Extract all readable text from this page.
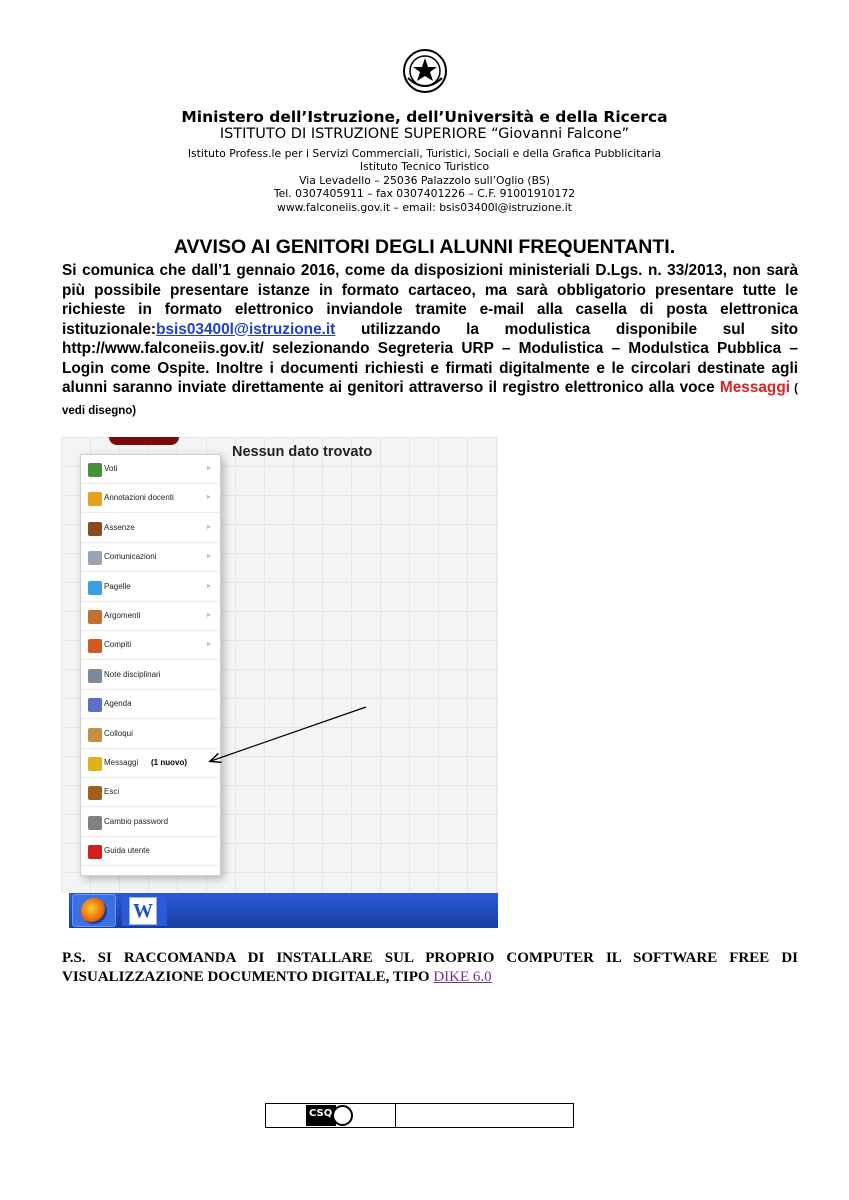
Ministero dell’Istruzione, dell’Università e della Ricerca
ISTITUTO DI ISTRUZIONE SUPERIORE “Giovanni Falcone”
Istituto Profess.le per i Servizi Commerciali, Turistici, Sociali e della Grafica Pubblicitaria
Istituto Tecnico Turistico
Via Levadello – 25036 Palazzolo sull’Oglio (BS)
Tel. 0307405911 – fax 0307401226 – C.F. 91001910172
www.falconeiis.gov.it – email: bsis03400l@istruzione.it
AVVISO AI GENITORI DEGLI ALUNNI FREQUENTANTI.
Si comunica che dall’1 gennaio 2016, come da disposizioni ministeriali D.Lgs. n. 33/2013, non sarà più possibile presentare istanze in formato cartaceo, ma sarà obbligatorio presentare tutte le richieste in formato elettronico inviandole tramite e-mail alla casella di posta elettronica istituzionale:bsis03400l@istruzione.it utilizzando la modulistica disponibile sul sito http://www.falconeiis.gov.it/ selezionando Segreteria URP – Modulistica – Modulstica Pubblica – Login come Ospite. Inoltre i documenti richiesti e firmati digitalmente e le circolari destinate agli alunni saranno inviate direttamente ai genitori attraverso il registro elettronico alla voce Messaggi ( vedi disegno)
Nessun dato trovato
Voti	▸
Annotazioni docenti	▸
Assenze	▸
Comunicazioni	▸
Pagelle	▸
Argomenti	▸
Compiti	▸
Note disciplinari
Agenda
Colloqui
Messaggi (1 nuovo)
Esci
Cambio password
Guida utente
W
P.S. SI RACCOMANDA DI INSTALLARE SUL PROPRIO COMPUTER IL SOFTWARE FREE DI VISUALIZZAZIONE DOCUMENTO DIGITALE, TIPO DIKE 6.0
CSQ
